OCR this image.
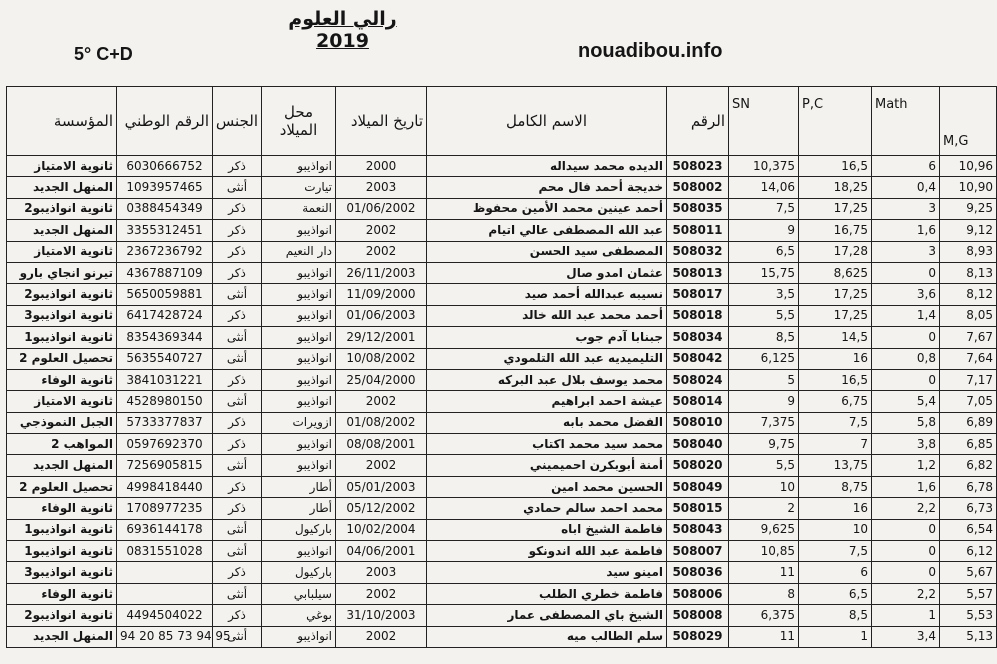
رالي العلوم 2019
5° C+D	nouadibou.info
المؤسسة	الرقم الوطني	الجنس	محل الميلاد	تاريخ الميلاد	الاسم الكامل	الرقم	SN	P,C	Math	M,G
ثانوية الامتياز	6030666752	ذكر	انواذيبو	2000	الديده محمد سيداله	508023	10,375	16,5	6	10,96
المنهل الجديد	1093957465	أنثى	تيارت	2003	خديجة أحمد فال محم	508002	14,06	18,25	0,4	10,90
ثانوية انواذيبو2	0388454349	ذكر	النعمة	01/06/2002	أحمد عينين محمد الأمين محفوظ	508035	7,5	17,25	3	9,25
المنهل الجديد	3355312451	ذكر	انواذيبو	2002	عبد الله المصطفى عالي اتيام	508011	9	16,75	1,6	9,12
ثانوية الامتياز	2367236792	ذكر	دار النعيم	2002	المصطفى سيد الحسن	508032	6,5	17,28	3	8,93
تيرنو انجاي بارو	4367887109	ذكر	انواذيبو	26/11/2003	عثمان امدو صال	508013	15,75	8,625	0	8,13
ثانوية انواذيبو2	5650059881	أنثى	انواذيبو	11/09/2000	نسيبه عبدالله أحمد صيد	508017	3,5	17,25	3,6	8,12
ثانوية انواذيبو3	6417428724	ذكر	انواذيبو	01/06/2003	أحمد محمد عبد الله خالد	508018	5,5	17,25	1,4	8,05
ثانوية انواذيبو1	8354369344	أنثى	انواذيبو	29/12/2001	جبنابا آدم جوب	508034	8,5	14,5	0	7,67
تحصيل العلوم 2	5635540727	أنثى	انواذيبو	10/08/2002	التليميديه عبد الله التلمودي	508042	6,125	16	0,8	7,64
ثانوية الوفاء	3841031221	ذكر	انواذيبو	25/04/2000	محمد يوسف بلال عبد البركه	508024	5	16,5	0	7,17
ثانوية الامتياز	4528980150	أنثى	انواذيبو	2002	عيشة احمد ابراهيم	508014	9	6,75	5,4	7,05
الجبل النموذجي	5733377837	ذكر	ازويرات	01/08/2002	الفضل محمد بابه	508010	7,375	7,5	5,8	6,89
المواهب 2	0597692370	ذكر	انواذيبو	08/08/2001	محمد سيد محمد اكتاب	508040	9,75	7	3,8	6,85
المنهل الجديد	7256905815	أنثى	انواذيبو	2002	أمنة أبوبكرن احميميني	508020	5,5	13,75	1,2	6,82
تحصيل العلوم 2	4998418440	ذكر	أطار	05/01/2003	الحسين محمد امين	508049	10	8,75	1,6	6,78
ثانوية الوفاء	1708977235	ذكر	أطار	05/12/2002	محمد احمد سالم حمادي	508015	2	16	2,2	6,73
ثانوية انواذيبو1	6936144178	أنثى	باركيول	10/02/2004	فاطمة الشيخ اباه	508043	9,625	10	0	6,54
ثانوية انواذيبو1	0831551028	أنثى	انواذيبو	04/06/2001	فاطمة عبد الله اندونكو	508007	10,85	7,5	0	6,12
ثانوية انواذيبو3		ذكر	باركيول	2003	امينو سيد	508036	11	6	0	5,67
ثانوية الوفاء		أنثى	سيلبابي	2002	فاطمة خطري الطلب	508006	8	6,5	2,2	5,57
ثانوية انواذيبو2	4494504022	ذكر	بوغي	31/10/2003	الشيخ باي المصطفى عمار	508008	6,375	8,5	1	5,53
المنهل الجديد	94 20 85 73 94 95	أنثى	انواذيبو	2002	سلم الطالب ميه	508029	11	1	3,4	5,13
